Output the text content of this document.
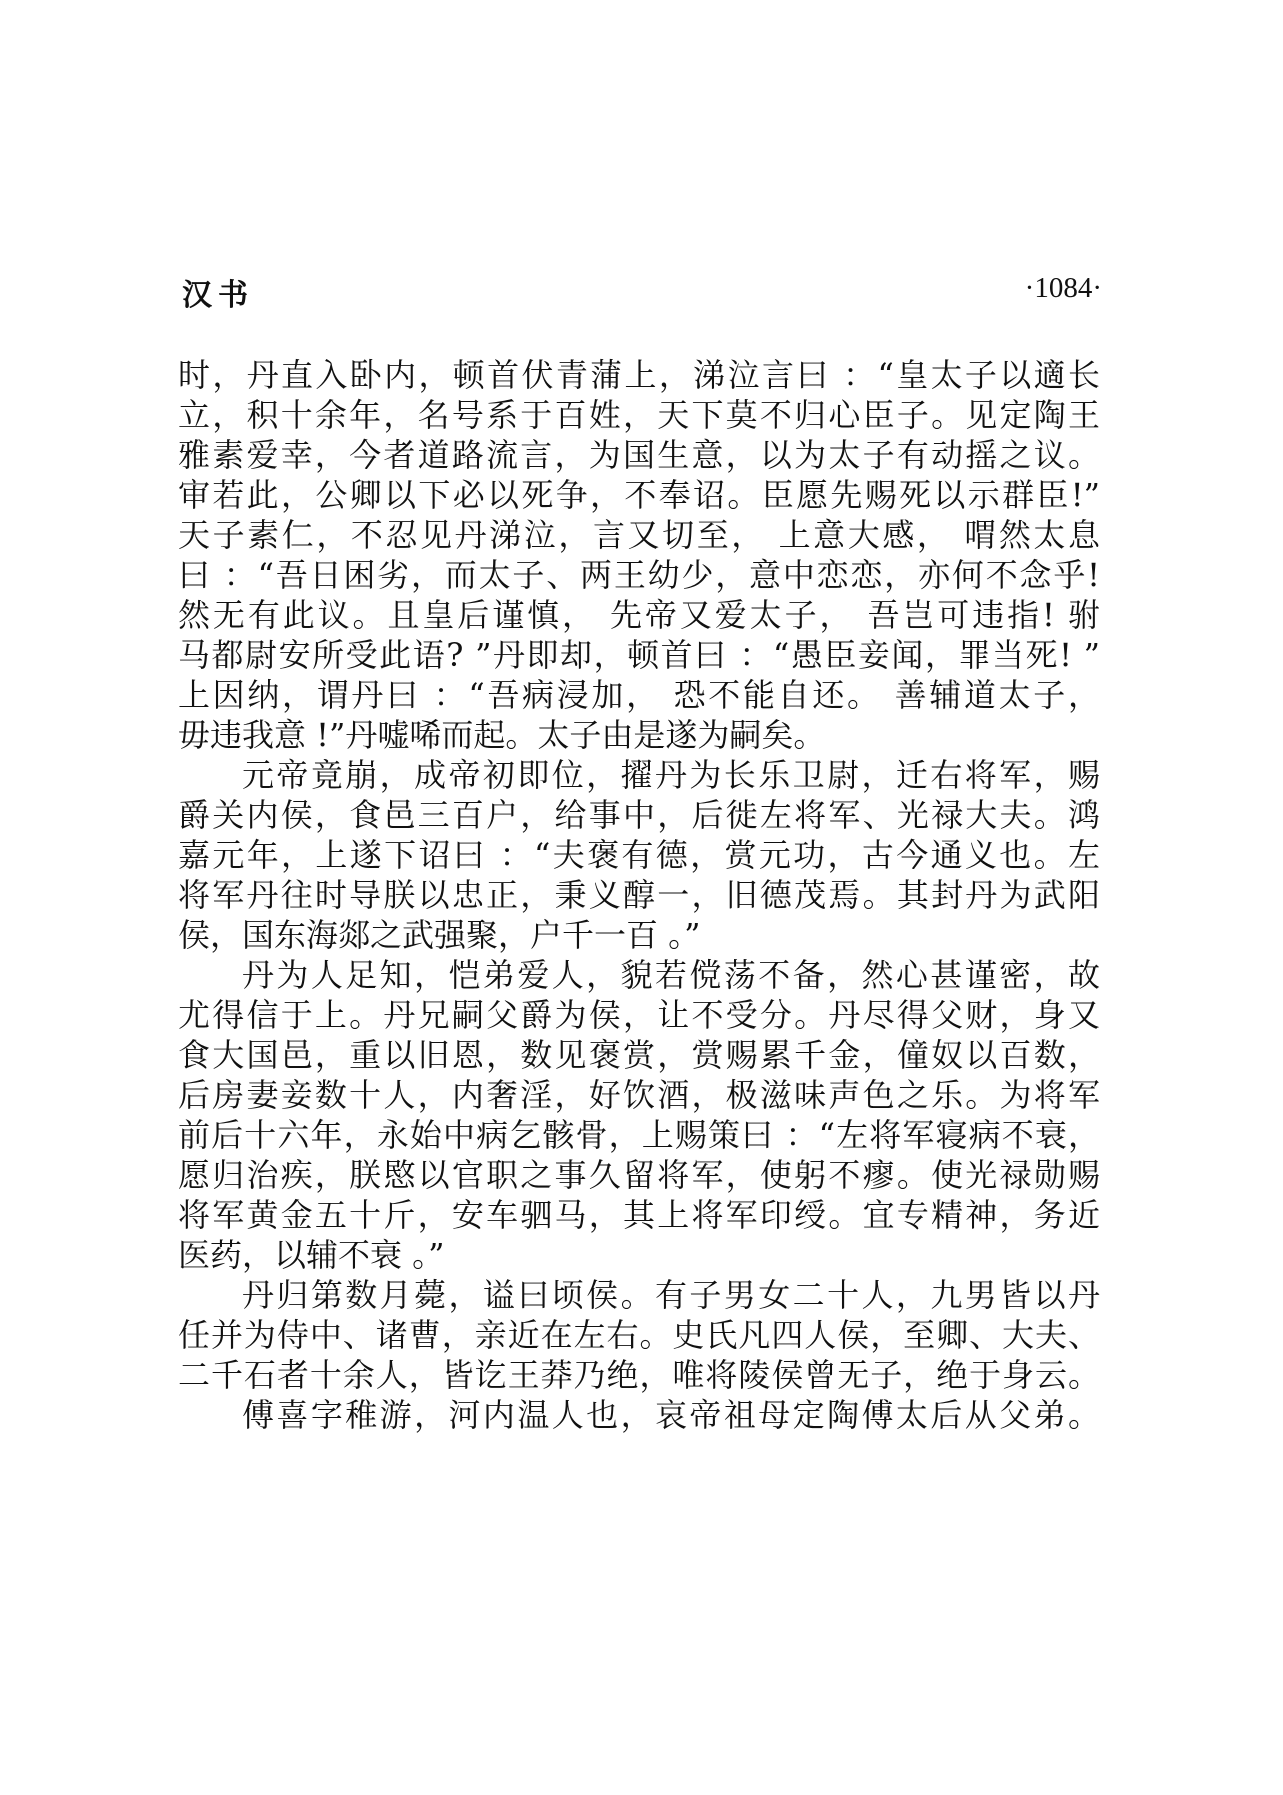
汉书	·1084·
时，丹直入卧内，顿首伏青蒲上，涕泣言曰 ：“皇太子以適长
立，积十余年，名号系于百姓，天下莫不归心臣子。见定陶王
雅素爱幸，今者道路流言，为国生意，以为太子有动摇之议。
审若此，公卿以下必以死争，不奉诏。臣愿先赐死以示群臣!”
天子素仁，不忍见丹涕泣，言又切至， 上意大感， 喟然太息
曰 ：“吾日困劣，而太子、两王幼少，意中恋恋，亦何不念乎!
然无有此议。且皇后谨慎， 先帝又爱太子， 吾岂可违指! 驸
马都尉安所受此语? ”丹即却，顿首曰 ：“愚臣妾闻，罪当死! ”
上因纳，谓丹曰 ：“吾病浸加， 恐不能自还。 善辅道太子，
毋违我意 !”丹嘘唏而起。太子由是遂为嗣矣。
元帝竟崩，成帝初即位，擢丹为长乐卫尉，迁右将军，赐
爵关内侯，食邑三百户，给事中，后徙左将军、光禄大夫。鸿
嘉元年，上遂下诏曰 ：“夫褒有德，赏元功，古今通义也。左
将军丹往时导朕以忠正，秉义醇一，旧德茂焉。其封丹为武阳
侯，国东海郯之武强聚，户千一百 。”
丹为人足知，恺弟爱人，貌若傥荡不备，然心甚谨密，故
尤得信于上。丹兄嗣父爵为侯，让不受分。丹尽得父财，身又
食大国邑，重以旧恩，数见褒赏，赏赐累千金，僮奴以百数，
后房妻妾数十人，内奢淫，好饮酒，极滋味声色之乐。为将军
前后十六年，永始中病乞骸骨，上赐策曰 ：“左将军寝病不衰，
愿归治疾，朕愍以官职之事久留将军，使躬不瘳。使光禄勋赐
将军黄金五十斤，安车驷马，其上将军印绶。宜专精神，务近
医药，以辅不衰 。”
丹归第数月薨，谥曰顷侯。有子男女二十人，九男皆以丹
任并为侍中、诸曹，亲近在左右。史氏凡四人侯，至卿、大夫、
二千石者十余人，皆讫王莽乃绝，唯将陵侯曾无子，绝于身云。
傅喜字稚游，河内温人也，哀帝祖母定陶傅太后从父弟。
